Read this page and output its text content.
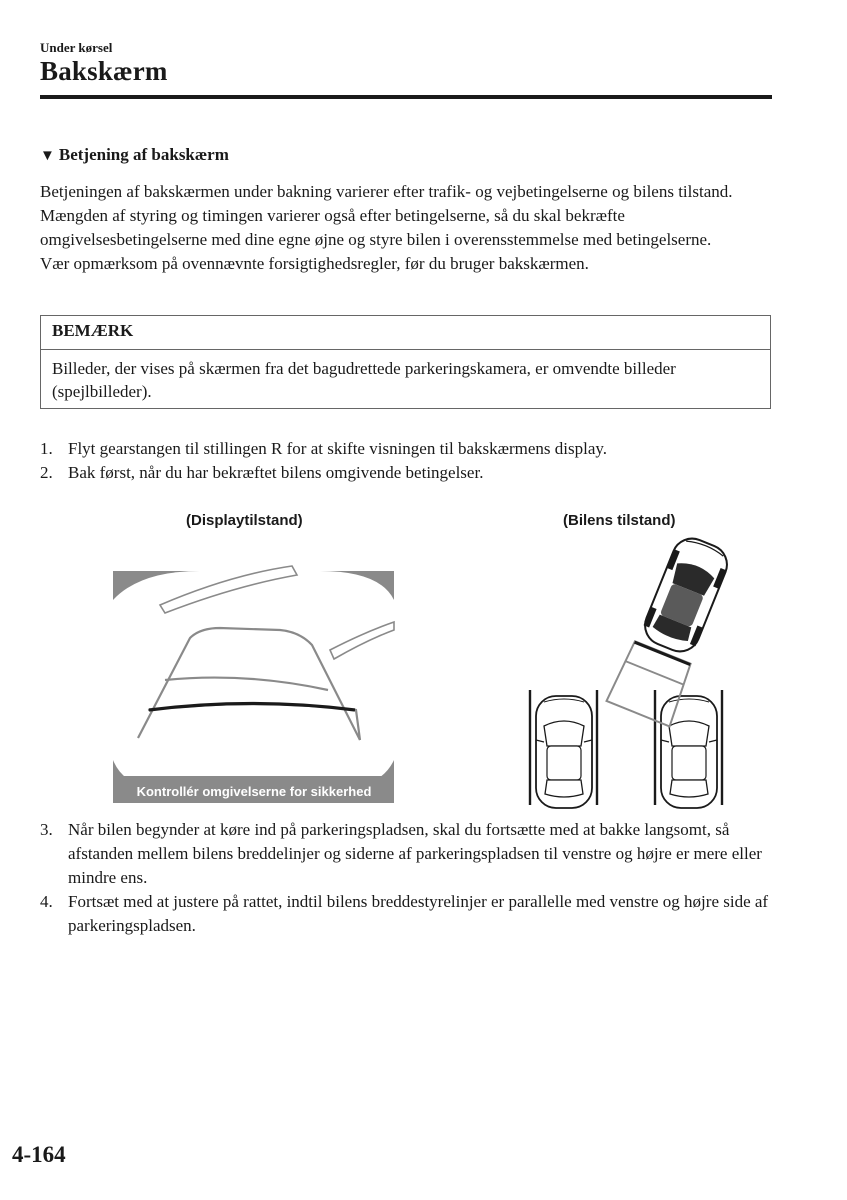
Under kørsel
Bakskærm
▼ Betjening af bakskærm

Betjeningen af bakskærmen under bakning varierer efter trafik- og vejbetingelserne og bilens tilstand. Mængden af styring og timingen varierer også efter betingelserne, så du skal bekræfte omgivelsesbetingelserne med dine egne øjne og styre bilen i overensstemmelse med betingelserne.

Vær opmærksom på ovennævnte forsigtighedsregler, før du bruger bakskærmen.

BEMÆRK
Billeder, der vises på skærmen fra det bagudrettede parkeringskamera, er omvendte billeder (spejlbilleder).
1. Flyt gearstangen til stillingen R for at skifte visningen til bakskærmens display.
2. Bak først, når du har bekræftet bilens omgivende betingelser.
(Displaytilstand)	(Bilens tilstand)
Kontrollér omgivelserne for sikkerhed
3. Når bilen begynder at køre ind på parkeringspladsen, skal du fortsætte med at bakke langsomt, så afstanden mellem bilens breddelinjer og siderne af parkeringspladsen til venstre og højre er mere eller mindre ens.
4. Fortsæt med at justere på rattet, indtil bilens breddestyrelinjer er parallelle med venstre og højre side af parkeringspladsen.
4-164
